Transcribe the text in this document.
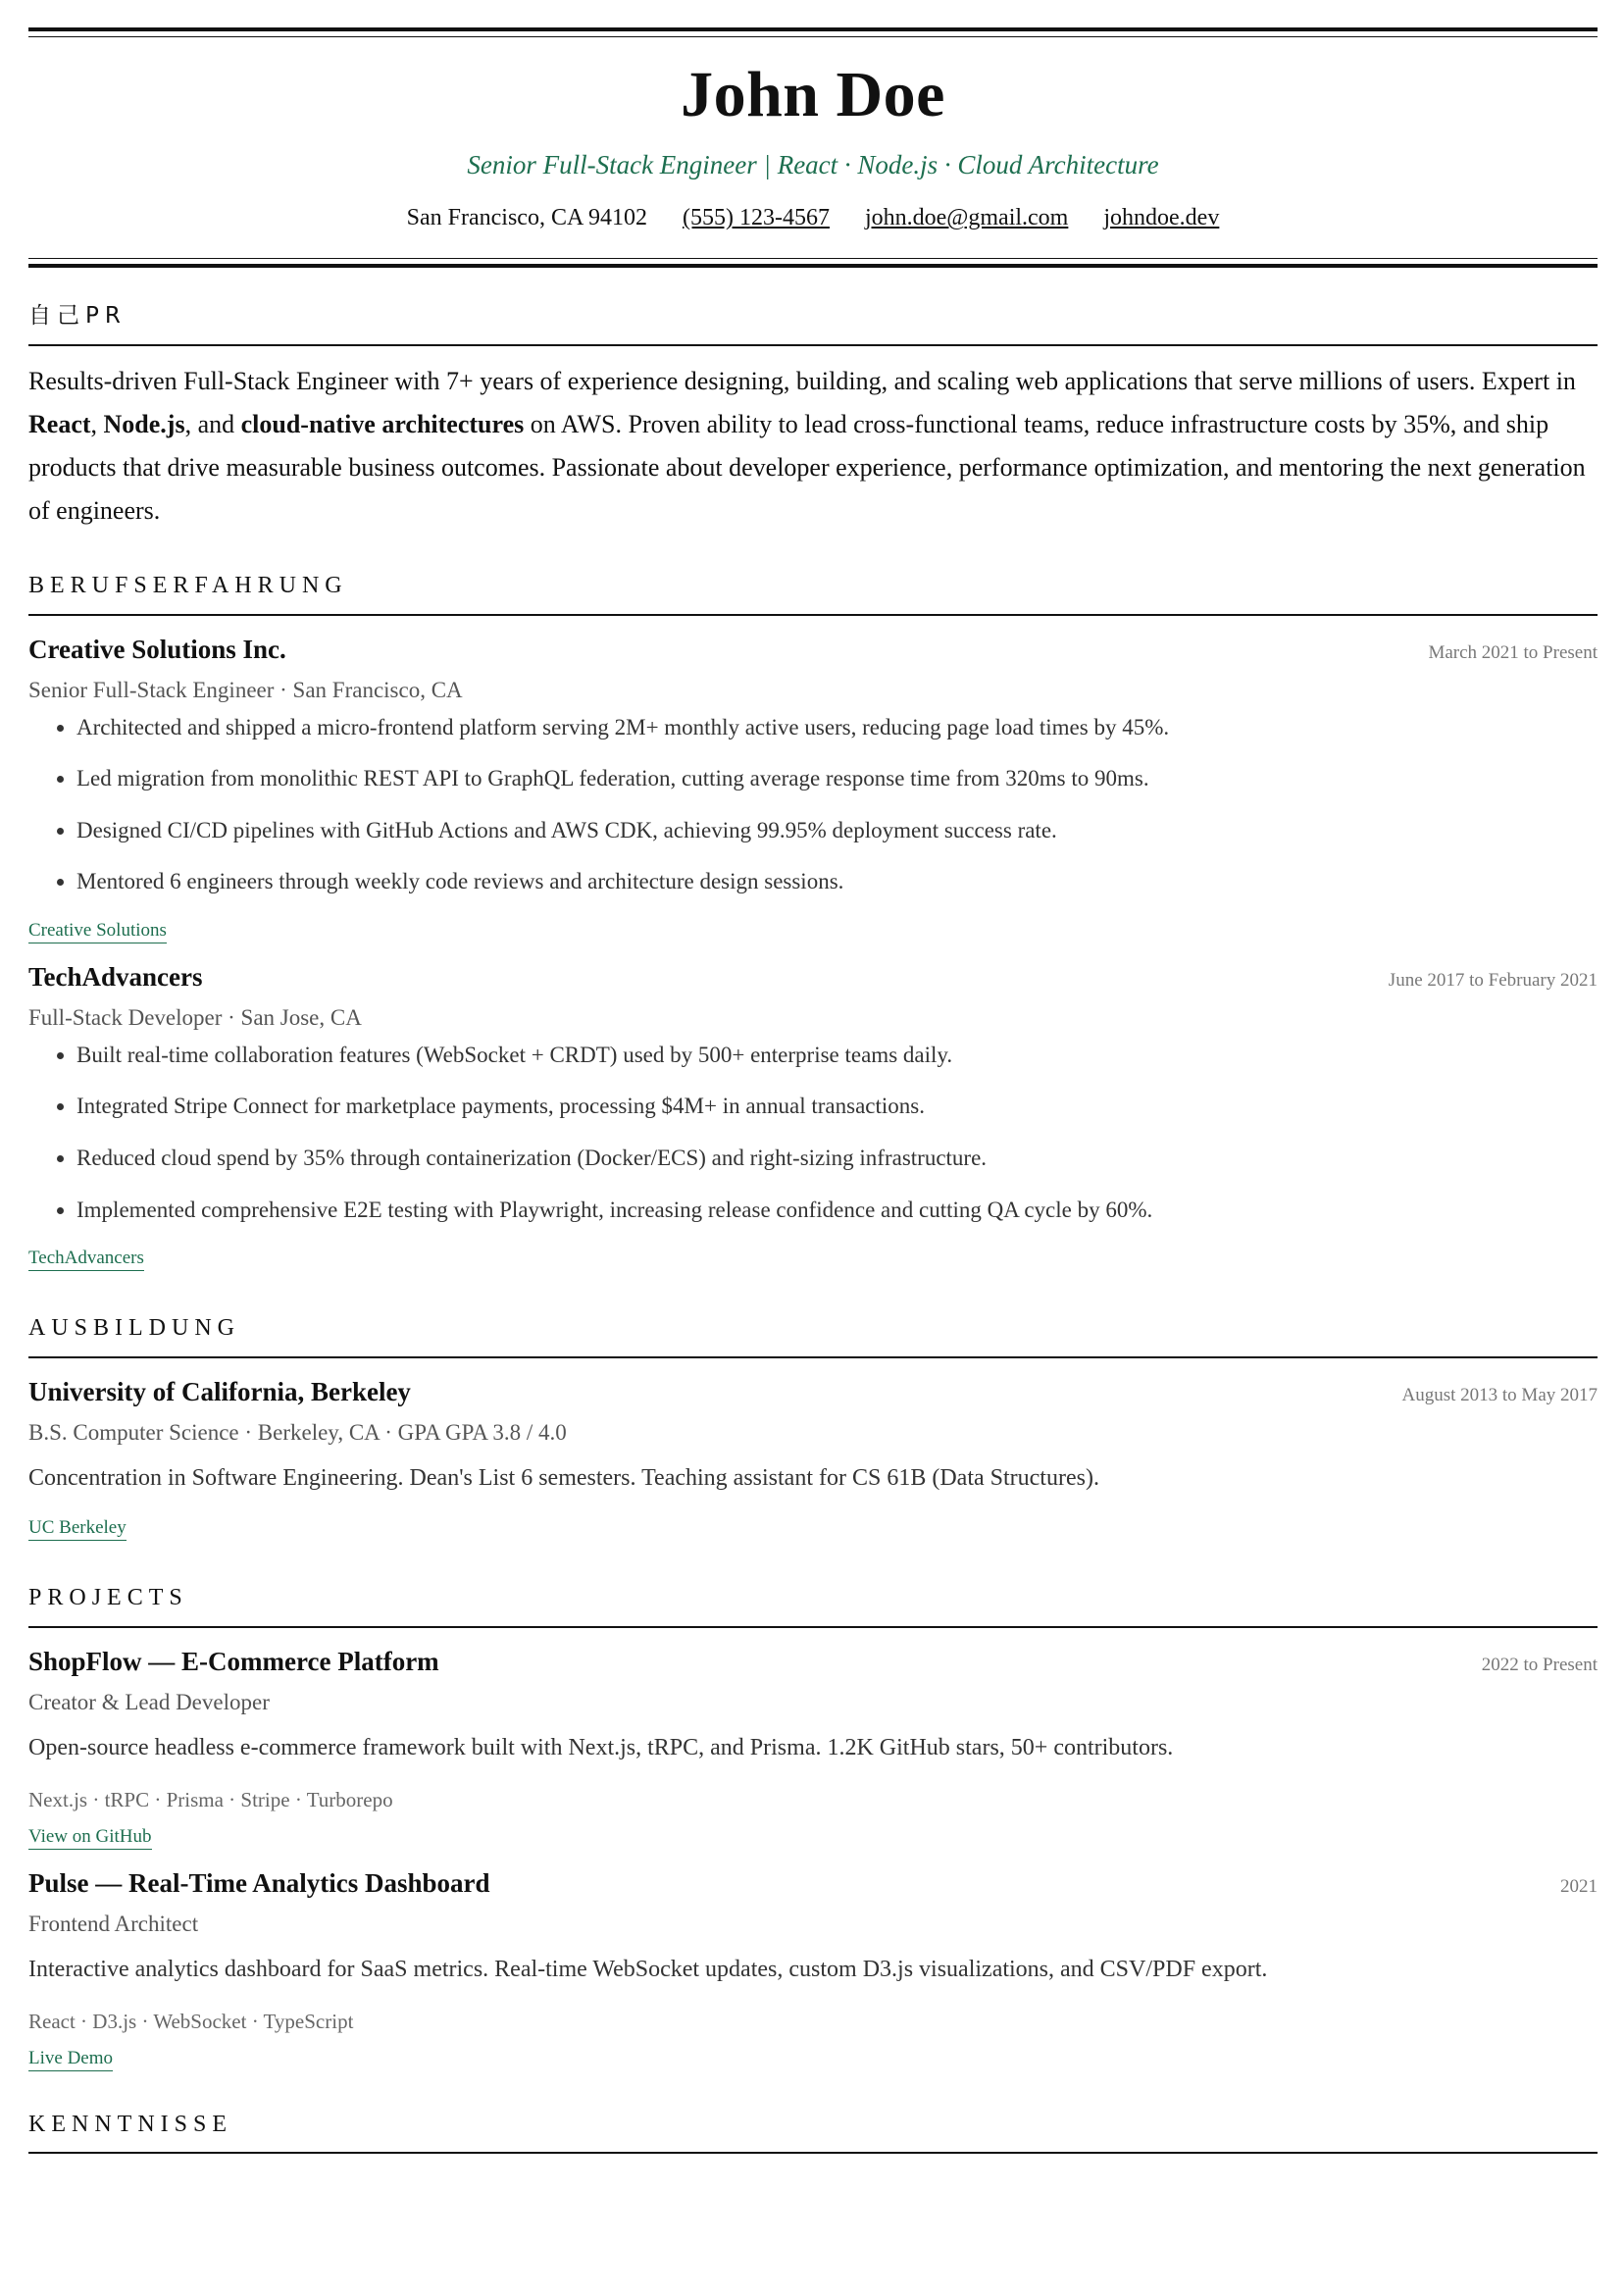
John Doe
Senior Full-Stack Engineer | React · Node.js · Cloud Architecture
San Francisco, CA 94102 (555) 123-4567 john.doe@gmail.com johndoe.dev
自己PR
Results-driven Full-Stack Engineer with 7+ years of experience designing, building, and scaling web applications that serve millions of users. Expert in React, Node.js, and cloud-native architectures on AWS. Proven ability to lead cross-functional teams, reduce infrastructure costs by 35%, and ship products that drive measurable business outcomes. Passionate about developer experience, performance optimization, and mentoring the next generation of engineers.
BERUFSERFAHRUNG
Creative Solutions Inc.	March 2021 to Present
Senior Full-Stack Engineer · San Francisco, CA
• Architected and shipped a micro-frontend platform serving 2M+ monthly active users, reducing page load times by 45%.
• Led migration from monolithic REST API to GraphQL federation, cutting average response time from 320ms to 90ms.
• Designed CI/CD pipelines with GitHub Actions and AWS CDK, achieving 99.95% deployment success rate.
• Mentored 6 engineers through weekly code reviews and architecture design sessions.
Creative Solutions
TechAdvancers	June 2017 to February 2021
Full-Stack Developer · San Jose, CA
• Built real-time collaboration features (WebSocket + CRDT) used by 500+ enterprise teams daily.
• Integrated Stripe Connect for marketplace payments, processing $4M+ in annual transactions.
• Reduced cloud spend by 35% through containerization (Docker/ECS) and right-sizing infrastructure.
• Implemented comprehensive E2E testing with Playwright, increasing release confidence and cutting QA cycle by 60%.
TechAdvancers
AUSBILDUNG
University of California, Berkeley	August 2013 to May 2017
B.S. Computer Science · Berkeley, CA · GPA GPA 3.8 / 4.0
Concentration in Software Engineering. Dean's List 6 semesters. Teaching assistant for CS 61B (Data Structures).
UC Berkeley
PROJECTS
ShopFlow — E-Commerce Platform	2022 to Present
Creator & Lead Developer
Open-source headless e-commerce framework built with Next.js, tRPC, and Prisma. 1.2K GitHub stars, 50+ contributors.
Next.js · tRPC · Prisma · Stripe · Turborepo
View on GitHub
Pulse — Real-Time Analytics Dashboard	2021
Frontend Architect
Interactive analytics dashboard for SaaS metrics. Real-time WebSocket updates, custom D3.js visualizations, and CSV/PDF export.
React · D3.js · WebSocket · TypeScript
Live Demo
KENNTNISSE
